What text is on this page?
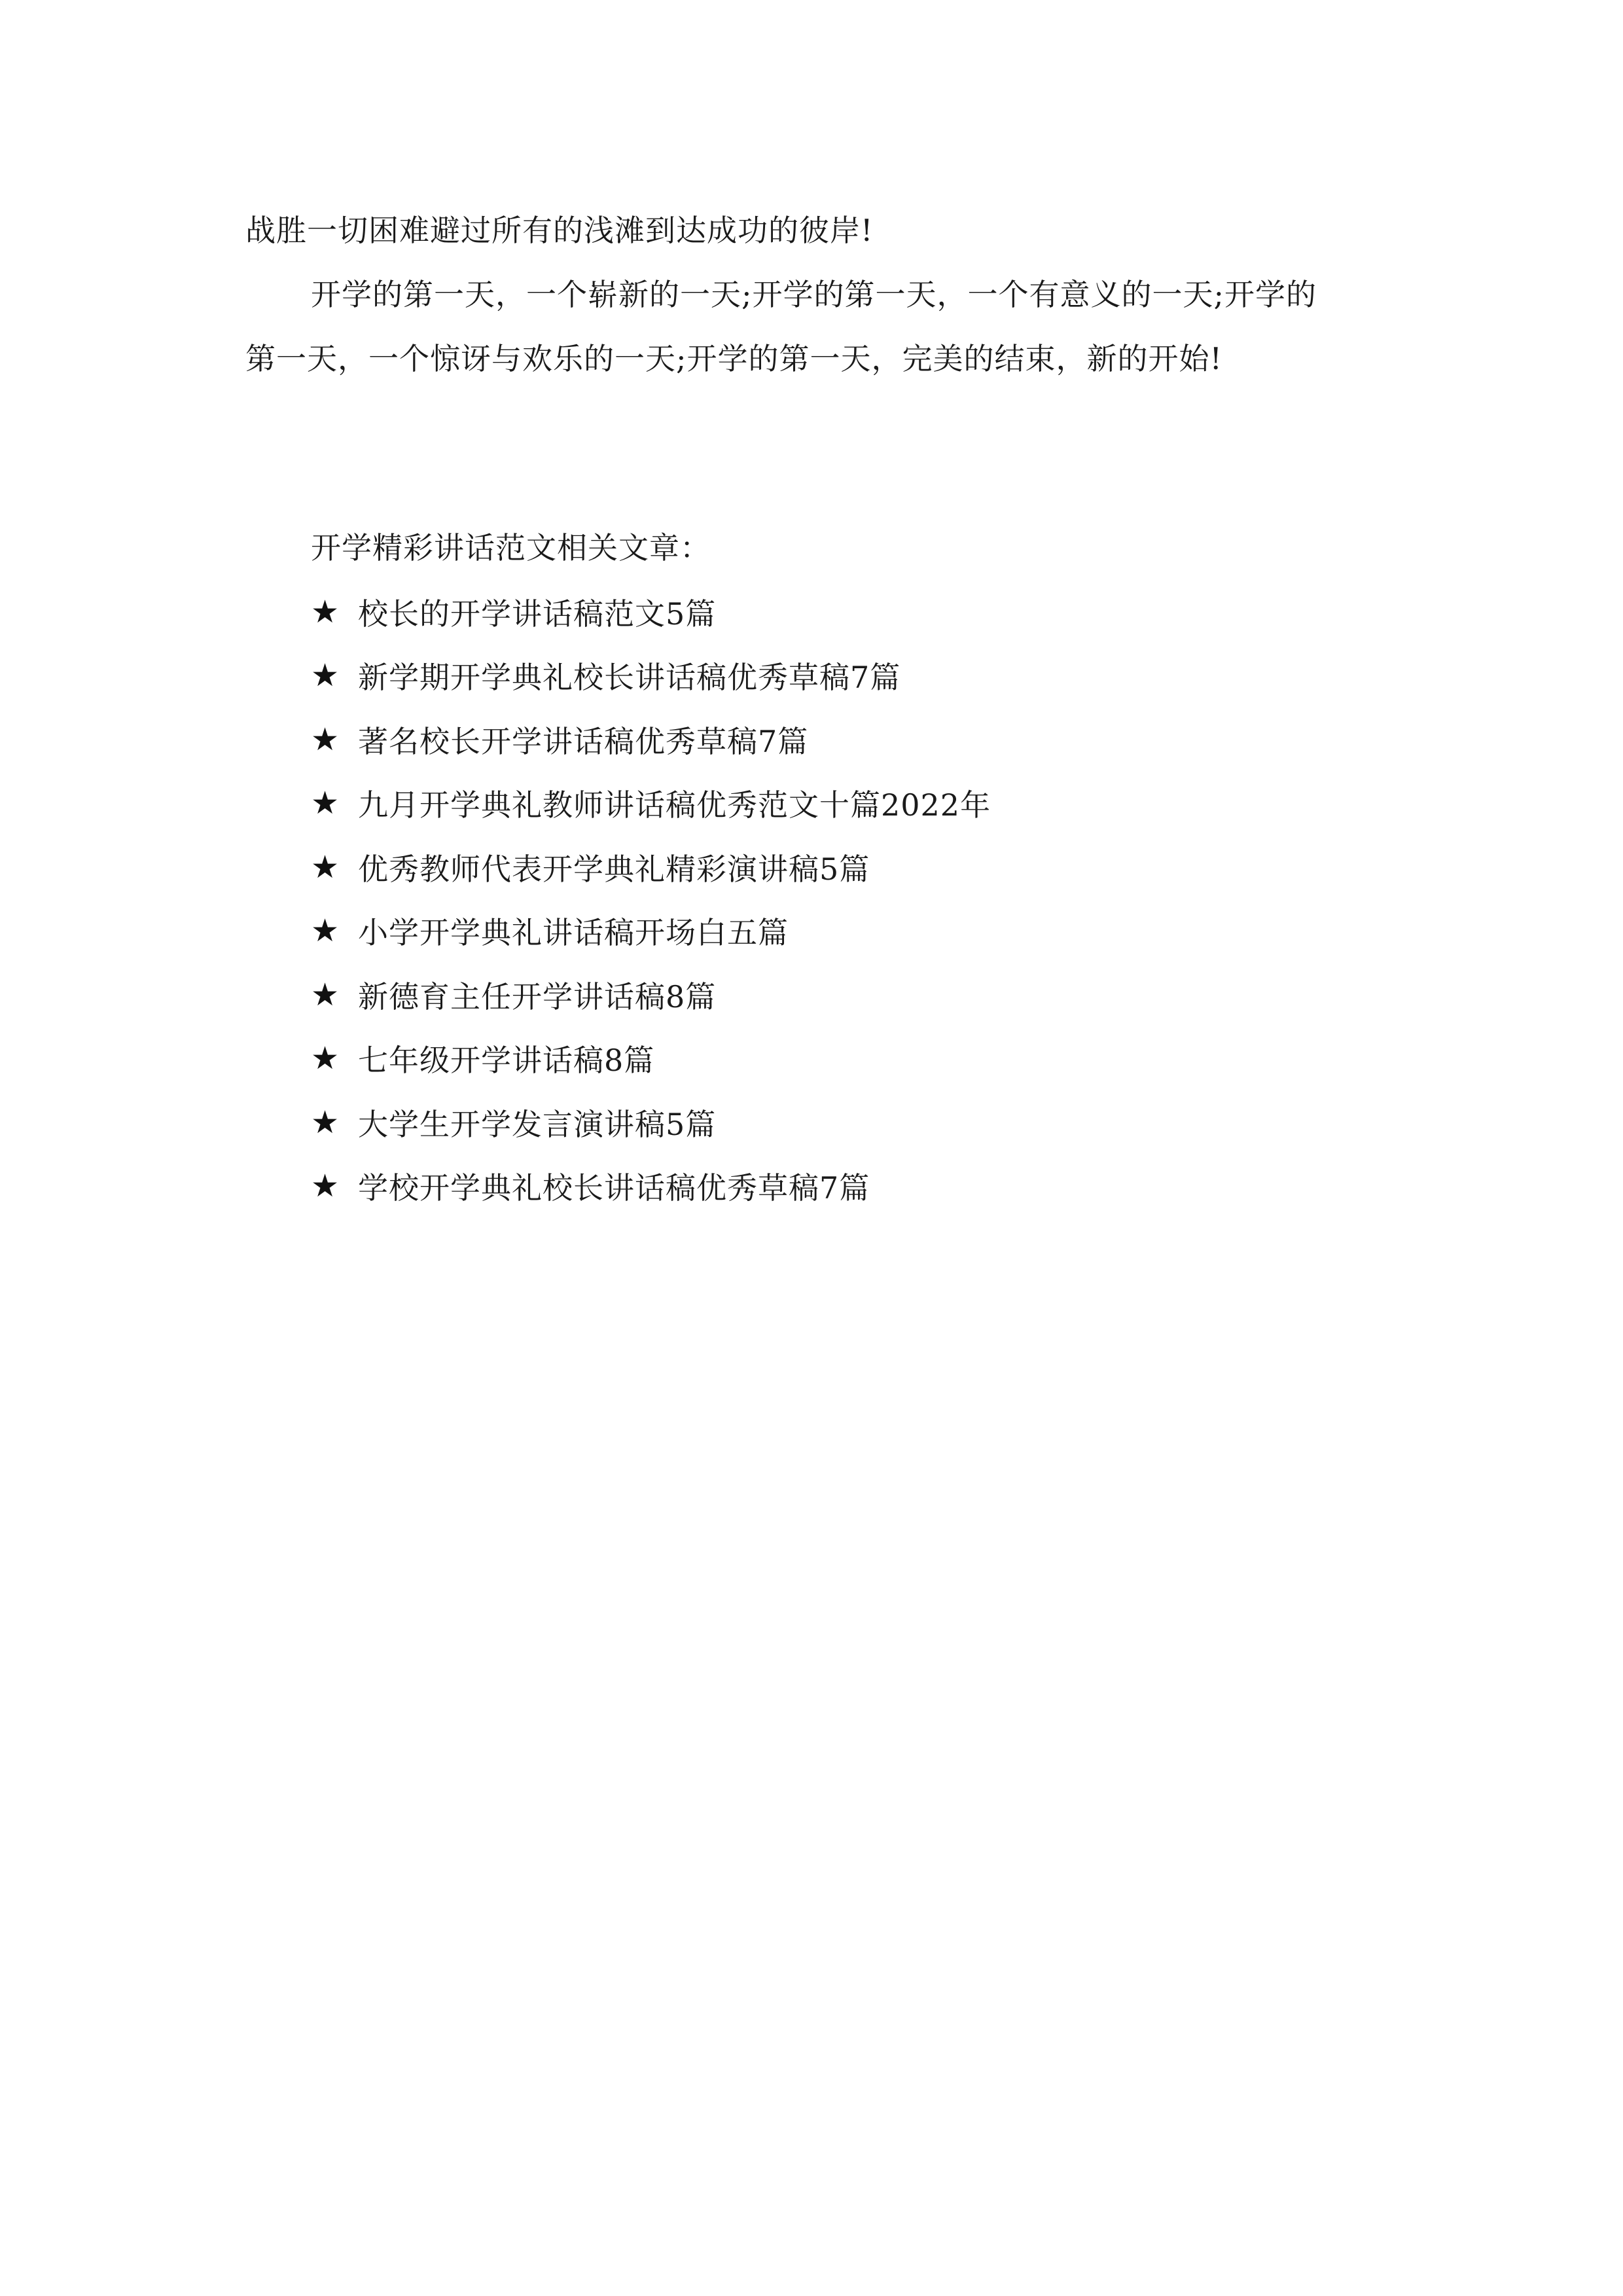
战胜一切困难避过所有的浅滩到达成功的彼岸!
开学的第一天，一个崭新的一天;开学的第一天，一个有意义的一天;开学的
第一天，一个惊讶与欢乐的一天;开学的第一天，完美的结束，新的开始!
开学精彩讲话范文相关文章：
★ 校长的开学讲话稿范文5篇
★ 新学期开学典礼校长讲话稿优秀草稿7篇
★ 著名校长开学讲话稿优秀草稿7篇
★ 九月开学典礼教师讲话稿优秀范文十篇2022年
★ 优秀教师代表开学典礼精彩演讲稿5篇
★ 小学开学典礼讲话稿开场白五篇
★ 新德育主任开学讲话稿8篇
★ 七年级开学讲话稿8篇
★ 大学生开学发言演讲稿5篇
★ 学校开学典礼校长讲话稿优秀草稿7篇
